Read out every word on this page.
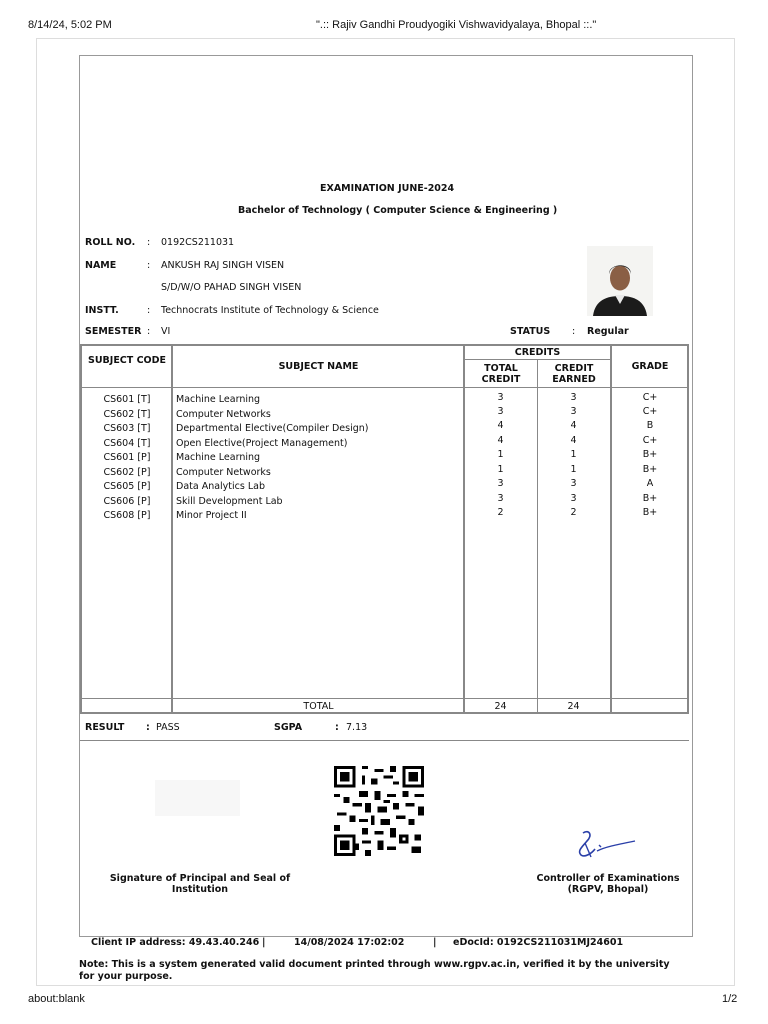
8/14/24, 5:02 PM	".:: Rajiv Gandhi Proudyogiki Vishwavidyalaya, Bhopal ::."
EXAMINATION JUNE-2024
Bachelor of Technology ( Computer Science & Engineering )
ROLL NO. : 0192CS211031
NAME	: ANKUSH RAJ SINGH VISEN
S/D/W/O PAHAD SINGH VISEN
INSTT.	: Technocrats Institute of Technology & Science
SEMESTER : VI	STATUS : Regular
SUBJECT CODE
SUBJECT NAME
CREDITS
TOTAL CREDIT
CREDIT EARNED
GRADE
CS601 [T]	Machine Learning	3	3	C+
CS602 [T]	Computer Networks	3	3	C+
CS603 [T]	Departmental Elective(Compiler Design)	4	4	B
CS604 [T]	Open Elective(Project Management)	4	4	C+
CS601 [P]	Machine Learning	1	1	B+
CS602 [P]	Computer Networks	1	1	B+
CS605 [P]	Data Analytics Lab	3	3	A
CS606 [P]	Skill Development Lab	3	3	B+
CS608 [P]	Minor Project II	2	2	B+
TOTAL	24	24
RESULT : PASS	SGPA	: 7.13
Signature of Principal and Seal of Institution
Controller of Examinations
(RGPV, Bhopal)
Client IP address: 49.43.40.246 |	14/08/2024 17:02:02	| eDocId: 0192CS211031MJ24601
Note: This is a system generated valid document printed through www.rgpv.ac.in, verified it by the university for your purpose.
about:blank	1/2
